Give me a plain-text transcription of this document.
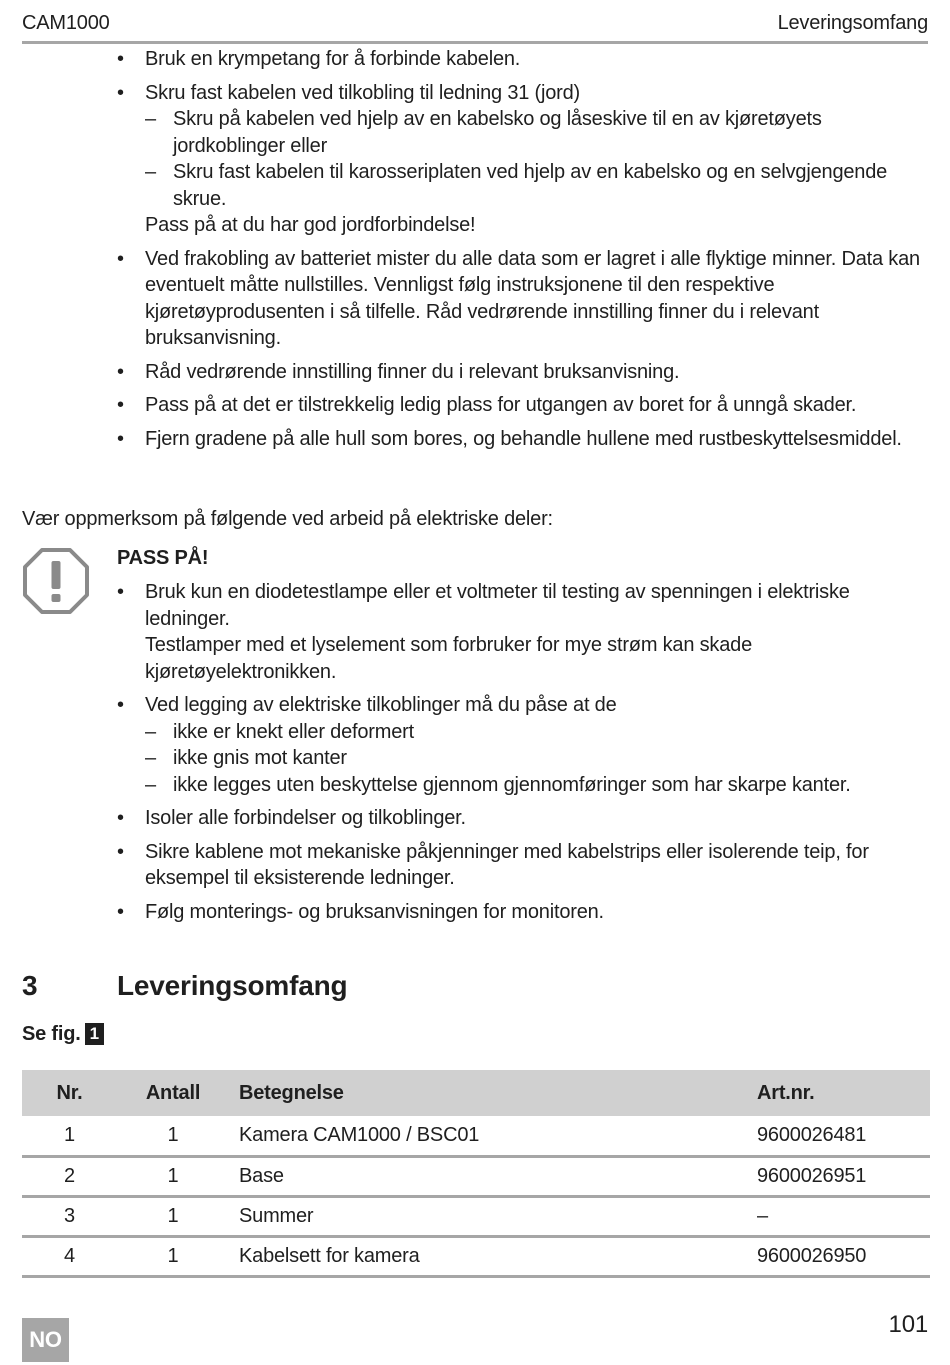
CAM1000	Leveringsomfang
• Bruk en krympetang for å forbinde kabelen.
• Skru fast kabelen ved tilkobling til ledning 31 (jord)
– Skru på kabelen ved hjelp av en kabelsko og låseskive til en av kjøretøyets jordkoblinger eller
– Skru fast kabelen til karosseriplaten ved hjelp av en kabelsko og en selvgjengende skrue.
Pass på at du har god jordforbindelse!
• Ved frakobling av batteriet mister du alle data som er lagret i alle flyktige minner. Data kan eventuelt måtte nullstilles. Vennligst følg instruksjonene til den respektive kjøretøyprodusenten i så tilfelle. Råd vedrørende innstilling finner du i relevant bruksanvisning.
• Råd vedrørende innstilling finner du i relevant bruksanvisning.
• Pass på at det er tilstrekkelig ledig plass for utgangen av boret for å unngå skader.
• Fjern gradene på alle hull som bores, og behandle hullene med rustbeskyttelsesmiddel.
Vær oppmerksom på følgende ved arbeid på elektriske deler:
PASS PÅ!
• Bruk kun en diodetestlampe eller et voltmeter til testing av spenningen i elektriske ledninger.
Testlamper med et lyselement som forbruker for mye strøm kan skade kjøretøyelektronikken.
• Ved legging av elektriske tilkoblinger må du påse at de
– ikke er knekt eller deformert
– ikke gnis mot kanter
– ikke legges uten beskyttelse gjennom gjennomføringer som har skarpe kanter.
• Isoler alle forbindelser og tilkoblinger.
• Sikre kablene mot mekaniske påkjenninger med kabelstrips eller isolerende teip, for eksempel til eksisterende ledninger.
• Følg monterings- og bruksanvisningen for monitoren.
3	Leveringsomfang
Se fig. 1
Nr.	Antall	Betegnelse	Art.nr.
1	1	Kamera CAM1000 / BSC01	9600026481
2	1	Base	9600026951
3	1	Summer	–
4	1	Kabelsett for kamera	9600026950
NO
101
